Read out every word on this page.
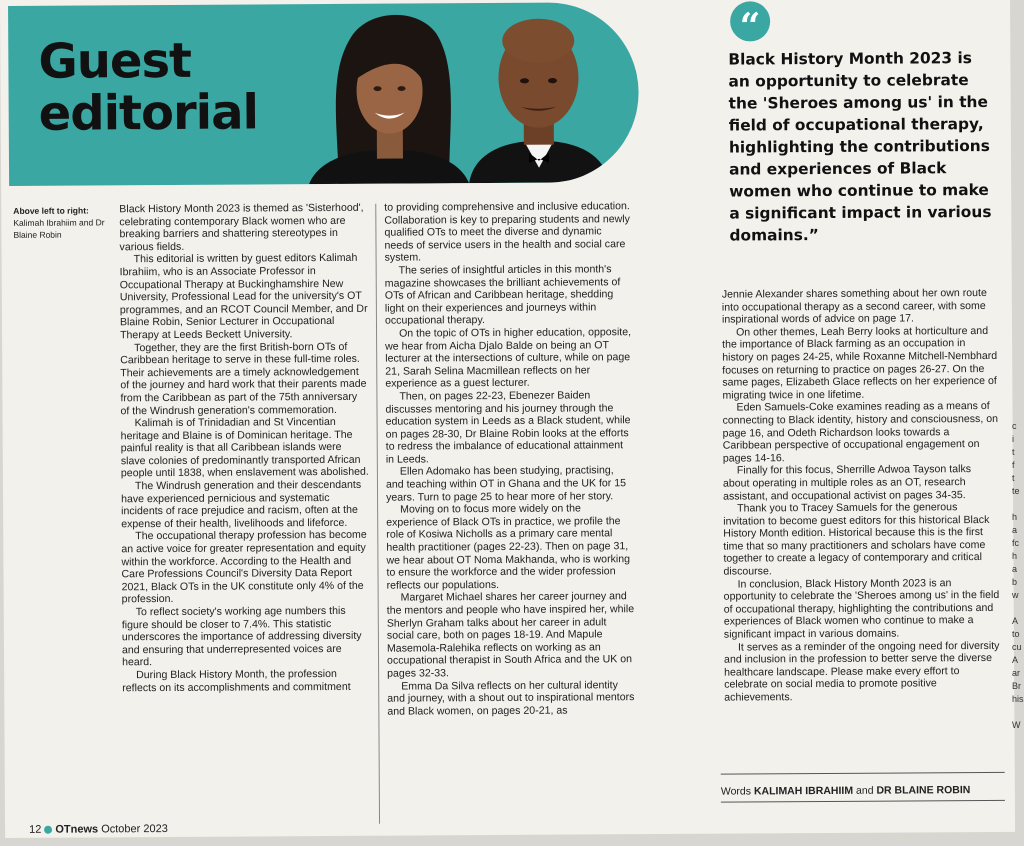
Guest
editorial
Above left to right:
Kalimah Ibrahiim and Dr Blaine Robin

Black History Month 2023 is themed as 'Sisterhood', celebrating contemporary Black women who are breaking barriers and shattering stereotypes in various fields.

This editorial is written by guest editors Kalimah Ibrahiim, who is an Associate Professor in Occupational Therapy at Buckinghamshire New University, Professional Lead for the university's OT programmes, and an RCOT Council Member, and Dr Blaine Robin, Senior Lecturer in Occupational Therapy at Leeds Beckett University.

Together, they are the first British-born OTs of Caribbean heritage to serve in these full-time roles. Their achievements are a timely acknowledgement of the journey and hard work that their parents made from the Caribbean as part of the 75th anniversary of the Windrush generation's commemoration.

Kalimah is of Trinidadian and St Vincentian heritage and Blaine is of Dominican heritage. The painful reality is that all Caribbean islands were slave colonies of predominantly transported African people until 1838, when enslavement was abolished.

The Windrush generation and their descendants have experienced pernicious and systematic incidents of race prejudice and racism, often at the expense of their health, livelihoods and lifeforce.

The occupational therapy profession has become an active voice for greater representation and equity within the workforce. According to the Health and Care Professions Council's Diversity Data Report 2021, Black OTs in the UK constitute only 4% of the profession.

To reflect society's working age numbers this figure should be closer to 7.4%. This statistic underscores the importance of addressing diversity and ensuring that underrepresented voices are heard.

During Black History Month, the profession reflects on its accomplishments and commitment

to providing comprehensive and inclusive education. Collaboration is key to preparing students and newly qualified OTs to meet the diverse and dynamic needs of service users in the health and social care system.

The series of insightful articles in this month's magazine showcases the brilliant achievements of OTs of African and Caribbean heritage, shedding light on their experiences and journeys within occupational therapy.

On the topic of OTs in higher education, opposite, we hear from Aicha Djalo Balde on being an OT lecturer at the intersections of culture, while on page 21, Sarah Selina Macmillean reflects on her experience as a guest lecturer.

Then, on pages 22-23, Ebenezer Baiden discusses mentoring and his journey through the education system in Leeds as a Black student, while on pages 28-30, Dr Blaine Robin looks at the efforts to redress the imbalance of educational attainment in Leeds.

Ellen Adomako has been studying, practising, and teaching within OT in Ghana and the UK for 15 years. Turn to page 25 to hear more of her story.

Moving on to focus more widely on the experience of Black OTs in practice, we profile the role of Kosiwa Nicholls as a primary care mental health practitioner (pages 22-23). Then on page 31, we hear about OT Noma Makhanda, who is working to ensure the workforce and the wider profession reflects our populations.

Margaret Michael shares her career journey and the mentors and people who have inspired her, while Sherlyn Graham talks about her career in adult social care, both on pages 18-19. And Mapule Masemola-Ralehika reflects on working as an occupational therapist in South Africa and the UK on pages 32-33.

Emma Da Silva reflects on her cultural identity and journey, with a shout out to inspirational mentors and Black women, on pages 20-21, as

“
Black History Month 2023 is an opportunity to celebrate the 'Sheroes among us' in the field of occupational therapy, highlighting the contributions and experiences of Black women who continue to make a significant impact in various domains.”

Jennie Alexander shares something about her own route into occupational therapy as a second career, with some inspirational words of advice on page 17.

On other themes, Leah Berry looks at horticulture and the importance of Black farming as an occupation in history on pages 24-25, while Roxanne Mitchell-Nembhard focuses on returning to practice on pages 26-27. On the same pages, Elizabeth Glace reflects on her experience of migrating twice in one lifetime.

Eden Samuels-Coke examines reading as a means of connecting to Black identity, history and consciousness, on page 16, and Odeth Richardson looks towards a Caribbean perspective of occupational engagement on pages 14-16.

Finally for this focus, Sherrille Adwoa Tayson talks about operating in multiple roles as an OT, research assistant, and occupational activist on pages 34-35.

Thank you to Tracey Samuels for the generous invitation to become guest editors for this historical Black History Month edition. Historical because this is the first time that so many practitioners and scholars have come together to create a legacy of contemporary and critical discourse.

In conclusion, Black History Month 2023 is an opportunity to celebrate the 'Sheroes among us' in the field of occupational therapy, highlighting the contributions and experiences of Black women who continue to make a significant impact in various domains.

It serves as a reminder of the ongoing need for diversity and inclusion in the profession to better serve the diverse healthcare landscape. Please make every effort to celebrate on social media to promote positive achievements.

Words KALIMAH IBRAHIIM and DR BLAINE ROBIN
12 OTnews October 2023
c
i
t
f
t
te

h
a
fc
h
a
b
w

A
to
cu
A
ar
Br
his

W
